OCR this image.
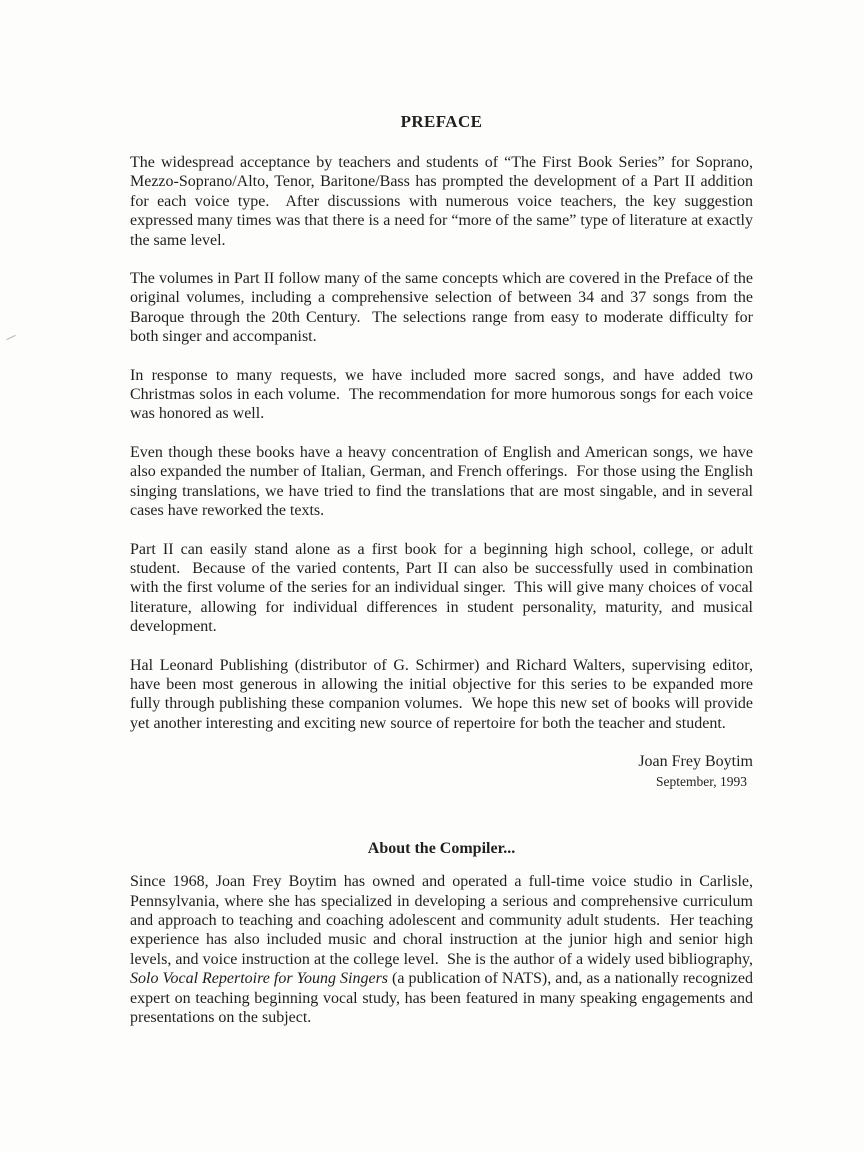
PREFACE

The widespread acceptance by teachers and students of “The First Book Series” for Soprano, Mezzo-Soprano/Alto, Tenor, Baritone/Bass has prompted the development of a Part II addition for each voice type.  After discussions with numerous voice teachers, the key suggestion expressed many times was that there is a need for “more of the same” type of literature at exactly the same level.

The volumes in Part II follow many of the same concepts which are covered in the Preface of the original volumes, including a comprehensive selection of between 34 and 37 songs from the Baroque through the 20th Century.  The selections range from easy to moderate difficulty for both singer and accompanist.

In response to many requests, we have included more sacred songs, and have added two Christmas solos in each volume.  The recommendation for more humorous songs for each voice was honored as well.

Even though these books have a heavy concentration of English and American songs, we have also expanded the number of Italian, German, and French offerings.  For those using the English singing translations, we have tried to find the translations that are most singable, and in several cases have reworked the texts.

Part II can easily stand alone as a first book for a beginning high school, college, or adult student.  Because of the varied contents, Part II can also be successfully used in combination with the first volume of the series for an individual singer.  This will give many choices of vocal literature, allowing for individual differences in student personality, maturity, and musical development.

Hal Leonard Publishing (distributor of G. Schirmer) and Richard Walters, supervising editor, have been most generous in allowing the initial objective for this series to be expanded more fully through publishing these companion volumes.  We hope this new set of books will provide yet another interesting and exciting new source of repertoire for both the teacher and student.

Joan Frey Boytim
September, 1993
About the Compiler...

Since 1968, Joan Frey Boytim has owned and operated a full-time voice studio in Carlisle, Pennsylvania, where she has specialized in developing a serious and comprehensive curriculum and approach to teaching and coaching adolescent and community adult students.  Her teaching experience has also included music and choral instruction at the junior high and senior high levels, and voice instruction at the college level.  She is the author of a widely used bibliography, Solo Vocal Repertoire for Young Singers (a publication of NATS), and, as a nationally recognized expert on teaching beginning vocal study, has been featured in many speaking engagements and presentations on the subject.
